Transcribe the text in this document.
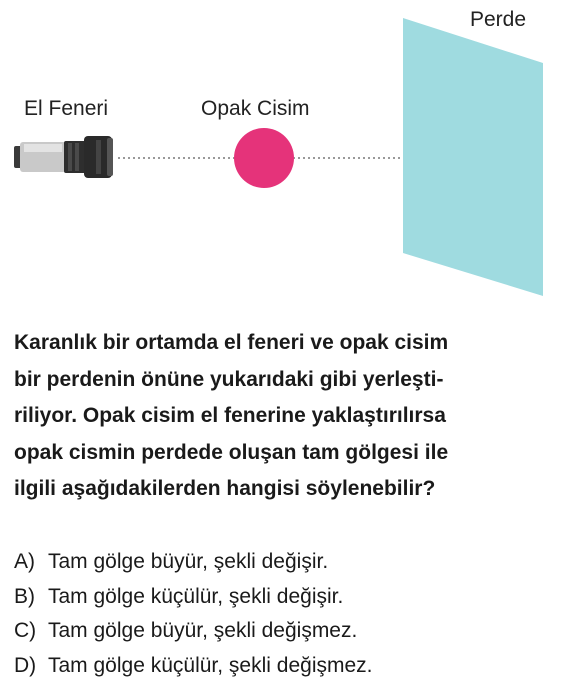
El Feneri	Opak Cisim
Perde
Karanlık bir ortamda el feneri ve opak cisim
bir perdenin önüne yukarıdaki gibi yerleşti-
riliyor. Opak cisim el fenerine yaklaştırılırsa
opak cismin perdede oluşan tam gölgesi ile
ilgili aşağıdakilerden hangisi söylenebilir?
A) Tam gölge büyür, şekli değişir.
B) Tam gölge küçülür, şekli değişir.
C) Tam gölge büyür, şekli değişmez.
D) Tam gölge küçülür, şekli değişmez.
